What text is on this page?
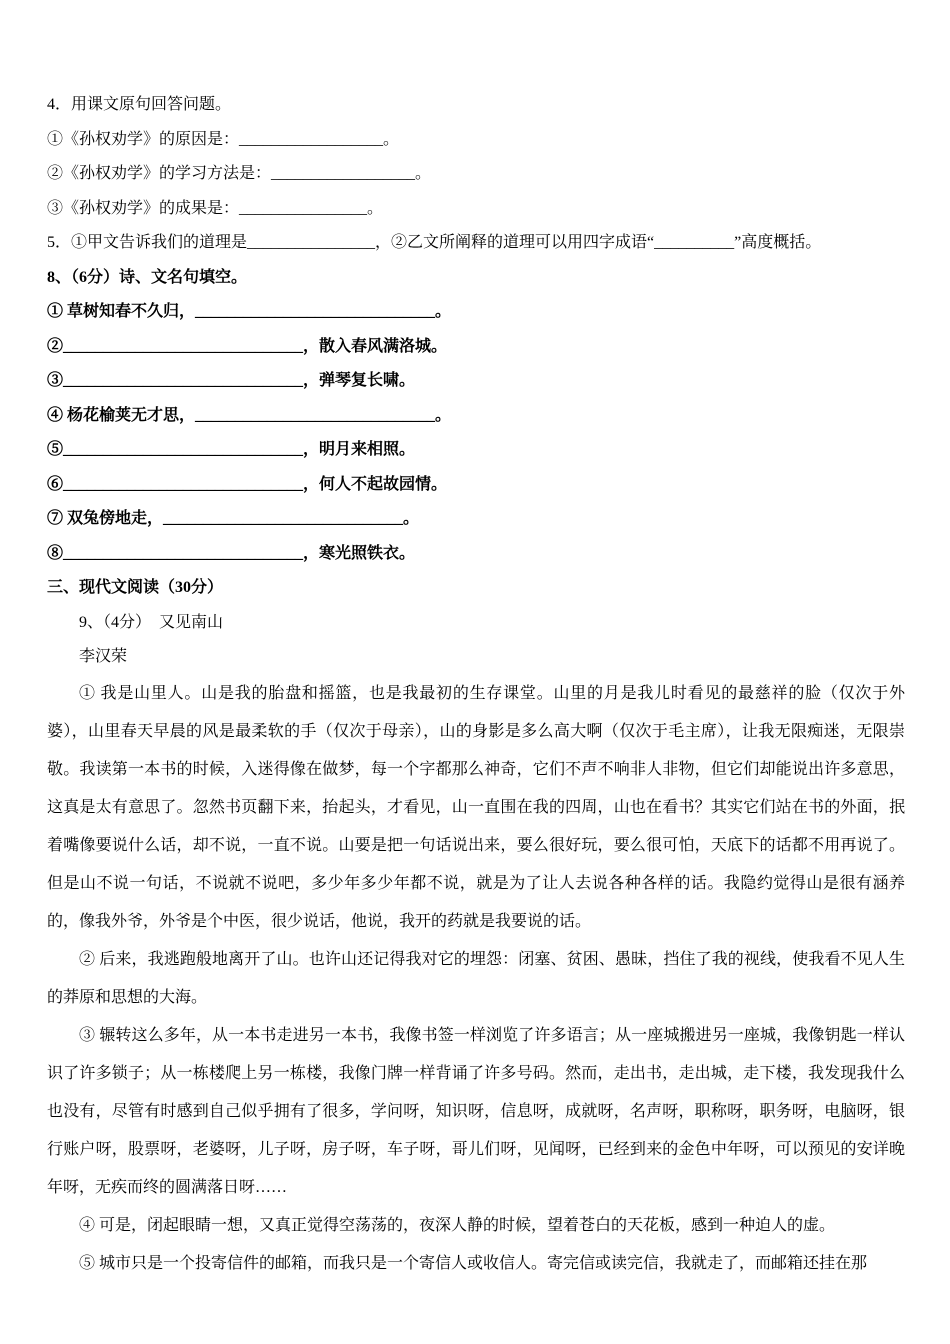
4．用课文原句回答问题。

①《孙权劝学》的原因是：__________________。

②《孙权劝学》的学习方法是：__________________。

③《孙权劝学》的成果是：________________。

5．①甲文告诉我们的道理是________________，②乙文所阐释的道理可以用四字成语“__________”高度概括。

8、（6分）诗、文名句填空。

① 草树知春不久归，______________________________。

②______________________________，散入春风满洛城。

③______________________________，弹琴复长啸。

④ 杨花榆荚无才思，______________________________。

⑤______________________________，明月来相照。

⑥______________________________，何人不起故园情。

⑦ 双兔傍地走，______________________________。

⑧______________________________，寒光照铁衣。

三、现代文阅读（30分）

9、（4分）　又见南山

李汉荣

① 我是山里人。山是我的胎盘和摇篮，也是我最初的生存课堂。山里的月是我儿时看见的最慈祥的脸（仅次于外婆），山里春天早晨的风是最柔软的手（仅次于母亲），山的身影是多么高大啊（仅次于毛主席），让我无限痴迷，无限崇敬。我读第一本书的时候，入迷得像在做梦，每一个字都那么神奇，它们不声不响非人非物，但它们却能说出许多意思，这真是太有意思了。忽然书页翻下来，抬起头，才看见，山一直围在我的四周，山也在看书？其实它们站在书的外面，抿着嘴像要说什么话，却不说，一直不说。山要是把一句话说出来，要么很好玩，要么很可怕，天底下的话都不用再说了。但是山不说一句话，不说就不说吧，多少年多少年都不说，就是为了让人去说各种各样的话。我隐约觉得山是很有涵养的，像我外爷，外爷是个中医，很少说话，他说，我开的药就是我要说的话。

② 后来，我逃跑般地离开了山。也许山还记得我对它的埋怨：闭塞、贫困、愚昧，挡住了我的视线，使我看不见人生的莽原和思想的大海。

③ 辗转这么多年，从一本书走进另一本书，我像书签一样浏览了许多语言；从一座城搬进另一座城，我像钥匙一样认识了许多锁子；从一栋楼爬上另一栋楼，我像门牌一样背诵了许多号码。然而，走出书，走出城，走下楼，我发现我什么也没有，尽管有时感到自己似乎拥有了很多，学问呀，知识呀，信息呀，成就呀，名声呀，职称呀，职务呀，电脑呀，银行账户呀，股票呀，老婆呀，儿子呀，房子呀，车子呀，哥儿们呀，见闻呀，已经到来的金色中年呀，可以预见的安详晚年呀，无疾而终的圆满落日呀……

④ 可是，闭起眼睛一想，又真正觉得空荡荡的，夜深人静的时候，望着苍白的天花板，感到一种迫人的虚。

⑤ 城市只是一个投寄信件的邮箱，而我只是一个寄信人或收信人。寄完信或读完信，我就走了，而邮箱还挂在那
